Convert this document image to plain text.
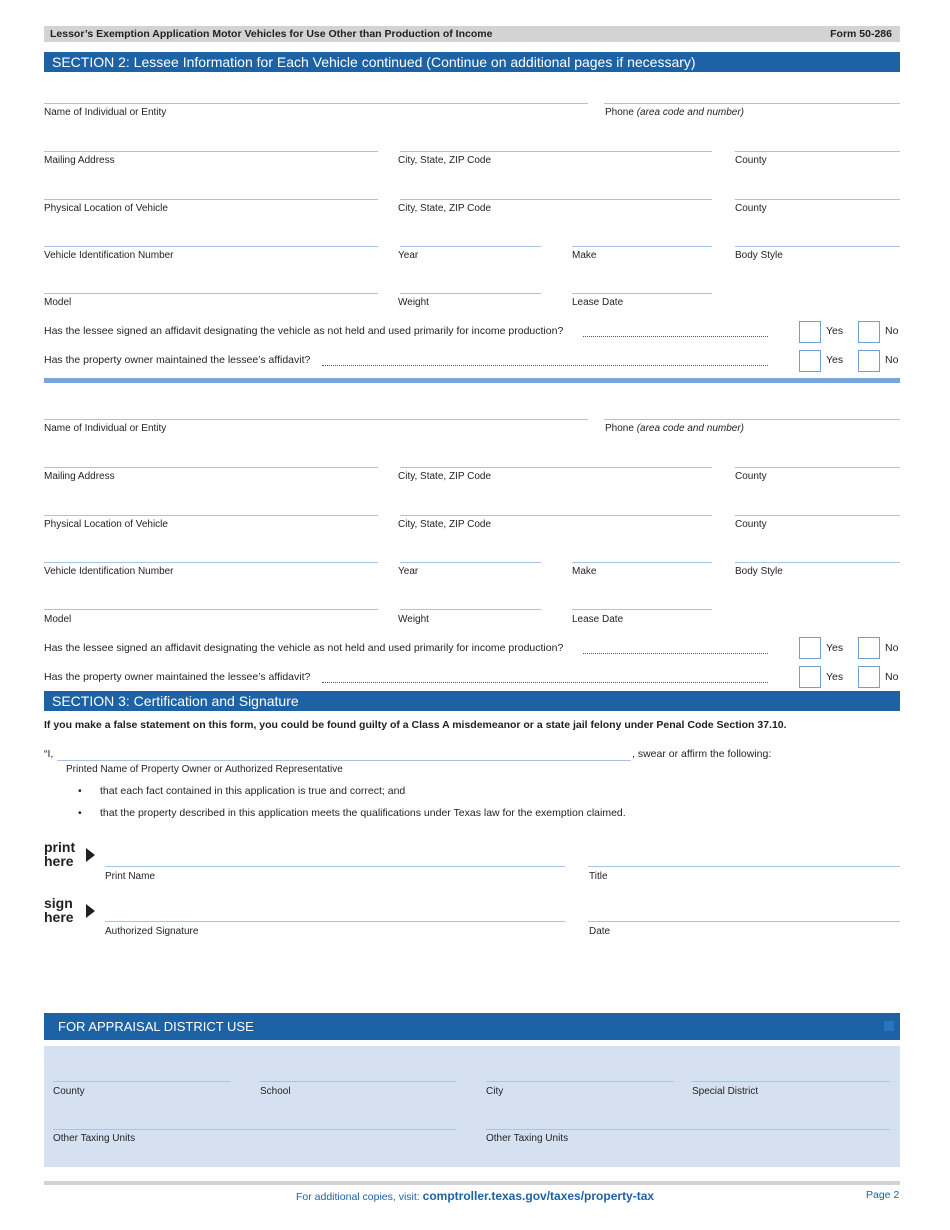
Lessor’s Exemption Application Motor Vehicles for Use Other than Production of Income	Form 50-286
SECTION 2: Lessee Information for Each Vehicle continued (Continue on additional pages if necessary)
Name of Individual or Entity	Phone (area code and number)
Mailing Address	City, State, ZIP Code	County
Physical Location of Vehicle	City, State, ZIP Code	County
Vehicle Identification Number	Year	Make	Body Style
Model	Weight	Lease Date
Has the lessee signed an affidavit designating the vehicle as not held and used primarily for income production?	Yes	No
Has the property owner maintained the lessee’s affidavit?	Yes	No
Name of Individual or Entity	Phone (area code and number)
Mailing Address	City, State, ZIP Code	County
Physical Location of Vehicle	City, State, ZIP Code	County
Vehicle Identification Number	Year	Make	Body Style
Model	Weight	Lease Date
Has the lessee signed an affidavit designating the vehicle as not held and used primarily for income production?	Yes	No
Has the property owner maintained the lessee’s affidavit?	Yes	No
SECTION 3: Certification and Signature
If you make a false statement on this form, you could be found guilty of a Class A misdemeanor or a state jail felony under Penal Code Section 37.10.
“I,	, swear or affirm the following:
Printed Name of Property Owner or Authorized Representative
• that each fact contained in this application is true and correct; and
• that the property described in this application meets the qualifications under Texas law for the exemption claimed.
print
here
Print Name	Title
sign
here
Authorized Signature	Date
FOR APPRAISAL DISTRICT USE
County	School	City	Special District
Other Taxing Units	Other Taxing Units
For additional copies, visit: comptroller.texas.gov/taxes/property-tax	Page 2
